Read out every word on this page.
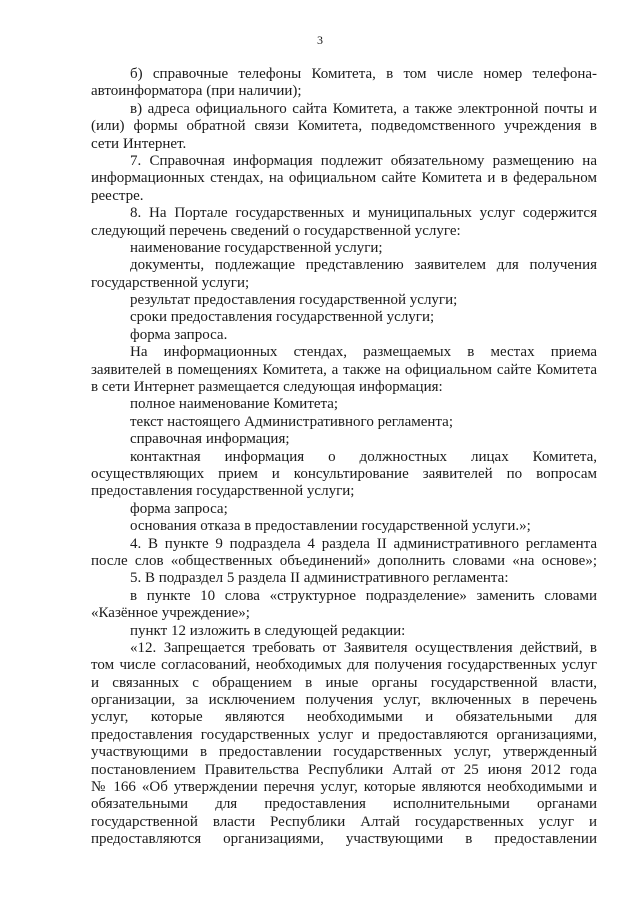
3
б) справочные телефоны Комитета, в том числе номер телефона-
автоинформатора (при наличии);
в) адреса официального сайта Комитета, а также электронной почты и
(или) формы обратной связи Комитета, подведомственного учреждения в
сети Интернет.
7. Справочная информация подлежит обязательному размещению на
информационных стендах, на официальном сайте Комитета и в федеральном
реестре.
8. На Портале государственных и муниципальных услуг содержится
следующий перечень сведений о государственной услуге:
наименование государственной услуги;
документы, подлежащие представлению заявителем для получения
государственной услуги;
результат предоставления государственной услуги;
сроки предоставления государственной услуги;
форма запроса.
На информационных стендах, размещаемых в местах приема
заявителей в помещениях Комитета, а также на официальном сайте Комитета
в сети Интернет размещается следующая информация:
полное наименование Комитета;
текст настоящего Административного регламента;
справочная информация;
контактная информация о должностных лицах Комитета,
осуществляющих прием и консультирование заявителей по вопросам
предоставления государственной услуги;
форма запроса;
основания отказа в предоставлении государственной услуги.»;
4. В пункте 9 подраздела 4 раздела II административного регламента
после слов «общественных объединений» дополнить словами «на основе»;
5. В подраздел 5 раздела II административного регламента:
в пункте 10 слова «структурное подразделение» заменить словами
«Казённое учреждение»;
пункт 12 изложить в следующей редакции:
«12. Запрещается требовать от Заявителя осуществления действий, в
том числе согласований, необходимых для получения государственных услуг
и связанных с обращением в иные органы государственной власти,
организации, за исключением получения услуг, включенных в перечень
услуг, которые являются необходимыми и обязательными для
предоставления государственных услуг и предоставляются организациями,
участвующими в предоставлении государственных услуг, утвержденный
постановлением Правительства Республики Алтай от 25 июня 2012 года
№ 166 «Об утверждении перечня услуг, которые являются необходимыми и
обязательными для предоставления исполнительными органами
государственной власти Республики Алтай государственных услуг и
предоставляются организациями, участвующими в предоставлении
